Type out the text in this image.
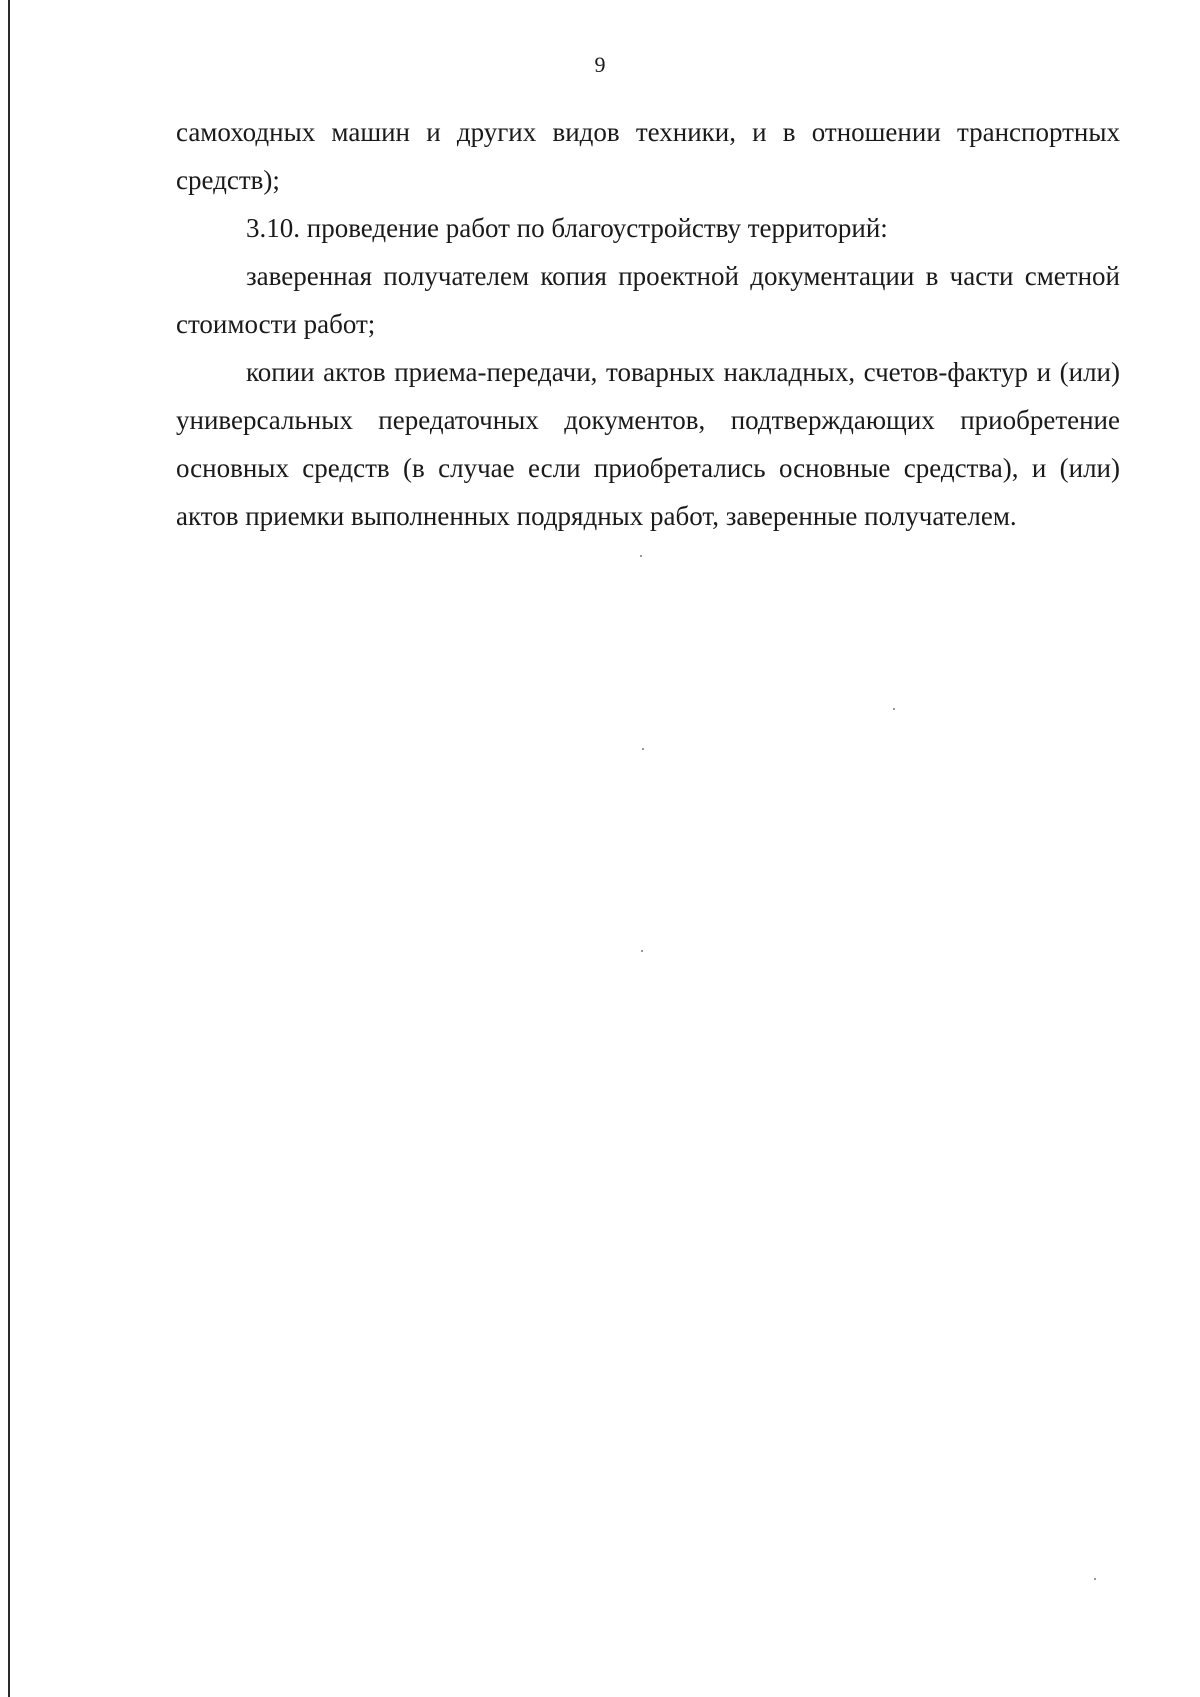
9

самоходных машин и других видов техники, и в отношении транспортных средств);

3.10. проведение работ по благоустройству территорий:

заверенная получателем копия проектной документации в части сметной стоимости работ;

копии актов приема-передачи, товарных накладных, счетов-фактур и (или) универсальных передаточных документов, подтверждающих приобретение основных средств (в случае если приобретались основные средства), и (или) актов приемки выполненных подрядных работ, заверенные получателем.
